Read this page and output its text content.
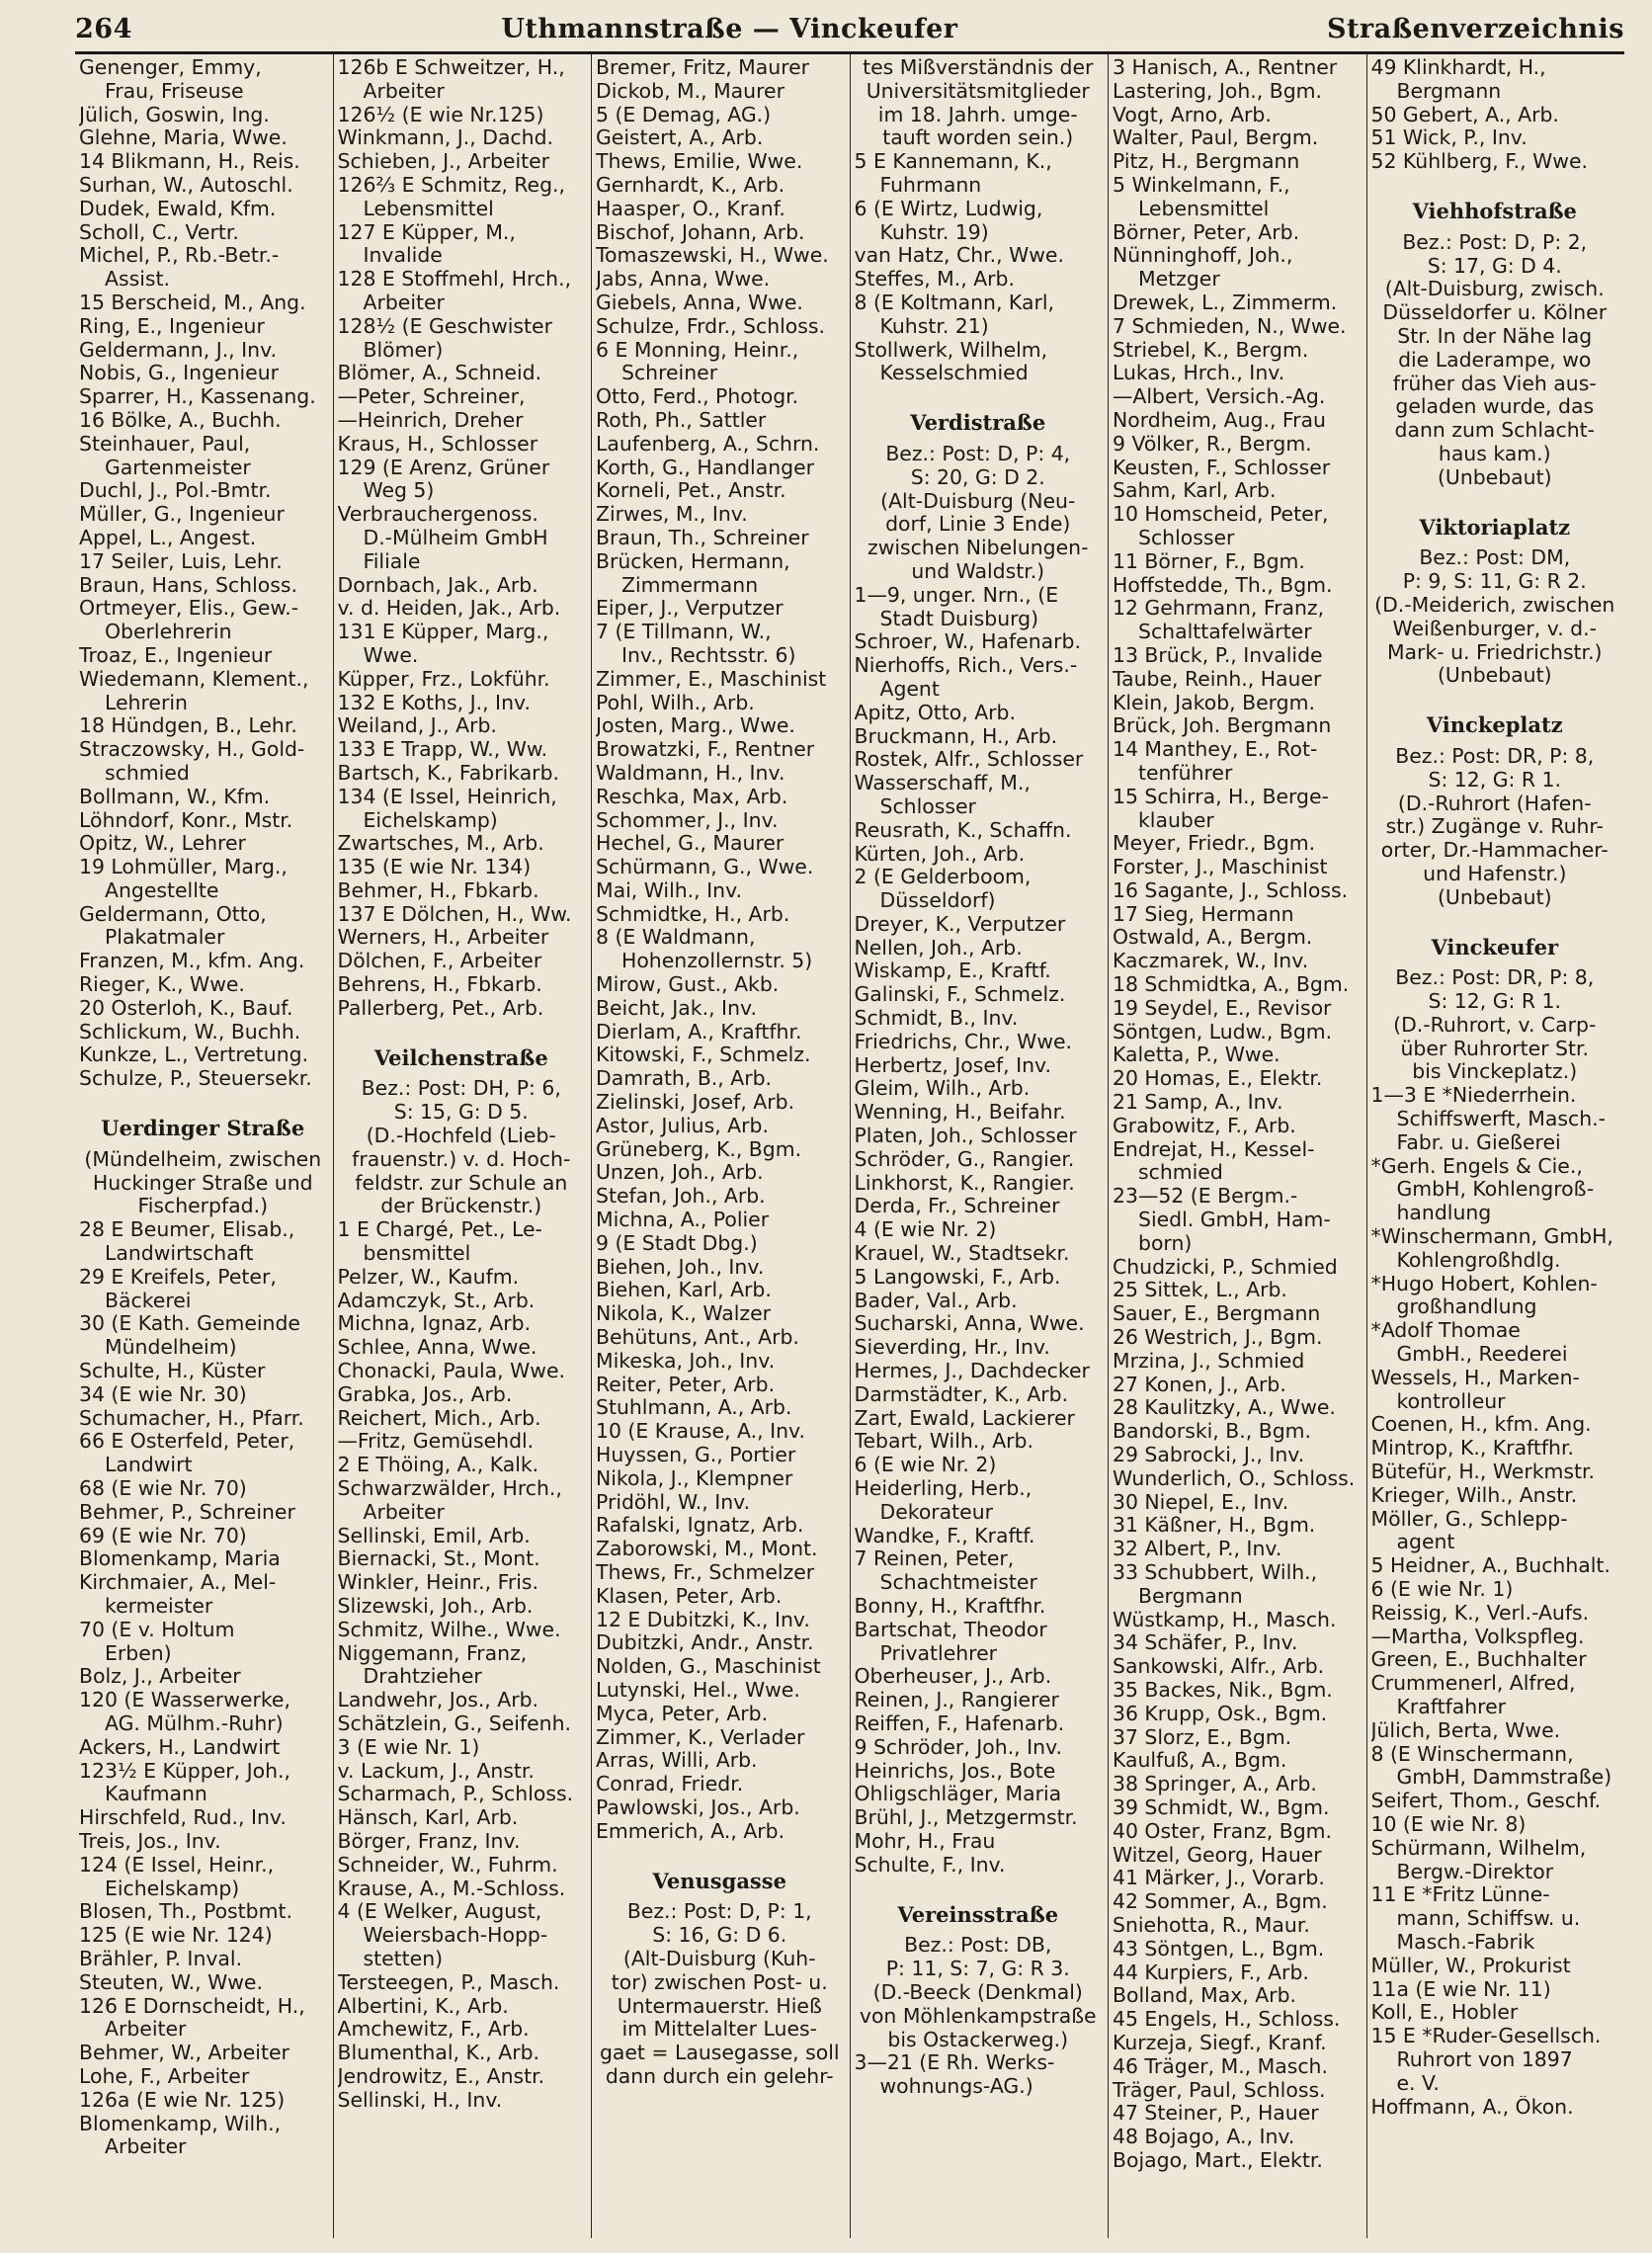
264	Uthmannstraße — Vinckeufer	Straßenverzeichnis
Genenger, Emmy,
Frau, Friseuse
Jülich, Goswin, Ing.
Glehne, Maria, Wwe.
14 Blikmann, H., Reis.
Surhan, W., Autoschl.
Dudek, Ewald, Kfm.
Scholl, C., Vertr.
Michel, P., Rb.-Betr.-
Assist.
15 Berscheid, M., Ang.
Ring, E., Ingenieur
Geldermann, J., Inv.
Nobis, G., Ingenieur
Sparrer, H., Kassenang.
16 Bölke, A., Buchh.
Steinhauer, Paul,
Gartenmeister
Duchl, J., Pol.-Bmtr.
Müller, G., Ingenieur
Appel, L., Angest.
17 Seiler, Luis, Lehr.
Braun, Hans, Schloss.
Ortmeyer, Elis., Gew.-
Oberlehrerin
Troaz, E., Ingenieur
Wiedemann, Klement.,
Lehrerin
18 Hündgen, B., Lehr.
Straczowsky, H., Gold-
schmied
Bollmann, W., Kfm.
Löhndorf, Konr., Mstr.
Opitz, W., Lehrer
19 Lohmüller, Marg.,
Angestellte
Geldermann, Otto,
Plakatmaler
Franzen, M., kfm. Ang.
Rieger, K., Wwe.
20 Osterloh, K., Bauf.
Schlickum, W., Buchh.
Kunkze, L., Vertretung.
Schulze, P., Steuersekr.
Uerdinger Straße
(Mündelheim, zwischen
Huckinger Straße und
Fischerpfad.)
28 E Beumer, Elisab.,
Landwirtschaft
29 E Kreifels, Peter,
Bäckerei
30 (E Kath. Gemeinde
Mündelheim)
Schulte, H., Küster
34 (E wie Nr. 30)
Schumacher, H., Pfarr.
66 E Osterfeld, Peter,
Landwirt
68 (E wie Nr. 70)
Behmer, P., Schreiner
69 (E wie Nr. 70)
Blomenkamp, Maria
Kirchmaier, A., Mel-
kermeister
70 (E v. Holtum
Erben)
Bolz, J., Arbeiter
120 (E Wasserwerke,
AG. Mülhm.-Ruhr)
Ackers, H., Landwirt
123½ E Küpper, Joh.,
Kaufmann
Hirschfeld, Rud., Inv.
Treis, Jos., Inv.
124 (E Issel, Heinr.,
Eichelskamp)
Blosen, Th., Postbmt.
125 (E wie Nr. 124)
Brähler, P. Inval.
Steuten, W., Wwe.
126 E Dornscheidt, H.,
Arbeiter
Behmer, W., Arbeiter
Lohe, F., Arbeiter
126a (E wie Nr. 125)
Blomenkamp, Wilh.,
Arbeiter
126b E Schweitzer, H.,
Arbeiter
126½ (E wie Nr.125)
Winkmann, J., Dachd.
Schieben, J., Arbeiter
126⅔ E Schmitz, Reg.,
Lebensmittel
127 E Küpper, M.,
Invalide
128 E Stoffmehl, Hrch.,
Arbeiter
128½ (E Geschwister
Blömer)
Blömer, A., Schneid.
—Peter, Schreiner,
—Heinrich, Dreher
Kraus, H., Schlosser
129 (E Arenz, Grüner
Weg 5)
Verbrauchergenoss.
D.-Mülheim GmbH
Filiale
Dornbach, Jak., Arb.
v. d. Heiden, Jak., Arb.
131 E Küpper, Marg.,
Wwe.
Küpper, Frz., Lokführ.
132 E Koths, J., Inv.
Weiland, J., Arb.
133 E Trapp, W., Ww.
Bartsch, K., Fabrikarb.
134 (E Issel, Heinrich,
Eichelskamp)
Zwartsches, M., Arb.
135 (E wie Nr. 134)
Behmer, H., Fbkarb.
137 E Dölchen, H., Ww.
Werners, H., Arbeiter
Dölchen, F., Arbeiter
Behrens, H., Fbkarb.
Pallerberg, Pet., Arb.
Veilchenstraße
Bez.: Post: DH, P: 6,
S: 15, G: D 5.
(D.-Hochfeld (Lieb-
frauenstr.) v. d. Hoch-
feldstr. zur Schule an
der Brückenstr.)
1 E Chargé, Pet., Le-
bensmittel
Pelzer, W., Kaufm.
Adamczyk, St., Arb.
Michna, Ignaz, Arb.
Schlee, Anna, Wwe.
Chonacki, Paula, Wwe.
Grabka, Jos., Arb.
Reichert, Mich., Arb.
—Fritz, Gemüsehdl.
2 E Thöing, A., Kalk.
Schwarzwälder, Hrch.,
Arbeiter
Sellinski, Emil, Arb.
Biernacki, St., Mont.
Winkler, Heinr., Fris.
Slizewski, Joh., Arb.
Schmitz, Wilhe., Wwe.
Niggemann, Franz,
Drahtzieher
Landwehr, Jos., Arb.
Schätzlein, G., Seifenh.
3 (E wie Nr. 1)
v. Lackum, J., Anstr.
Scharmach, P., Schloss.
Hänsch, Karl, Arb.
Börger, Franz, Inv.
Schneider, W., Fuhrm.
Krause, A., M.-Schloss.
4 (E Welker, August,
Weiersbach-Hopp-
stetten)
Tersteegen, P., Masch.
Albertini, K., Arb.
Amchewitz, F., Arb.
Blumenthal, K., Arb.
Jendrowitz, E., Anstr.
Sellinski, H., Inv.
Bremer, Fritz, Maurer
Dickob, M., Maurer
5 (E Demag, AG.)
Geistert, A., Arb.
Thews, Emilie, Wwe.
Gernhardt, K., Arb.
Haasper, O., Kranf.
Bischof, Johann, Arb.
Tomaszewski, H., Wwe.
Jabs, Anna, Wwe.
Giebels, Anna, Wwe.
Schulze, Frdr., Schloss.
6 E Monning, Heinr.,
Schreiner
Otto, Ferd., Photogr.
Roth, Ph., Sattler
Laufenberg, A., Schrn.
Korth, G., Handlanger
Korneli, Pet., Anstr.
Zirwes, M., Inv.
Braun, Th., Schreiner
Brücken, Hermann,
Zimmermann
Eiper, J., Verputzer
7 (E Tillmann, W.,
Inv., Rechtsstr. 6)
Zimmer, E., Maschinist
Pohl, Wilh., Arb.
Josten, Marg., Wwe.
Browatzki, F., Rentner
Waldmann, H., Inv.
Reschka, Max, Arb.
Schommer, J., Inv.
Hechel, G., Maurer
Schürmann, G., Wwe.
Mai, Wilh., Inv.
Schmidtke, H., Arb.
8 (E Waldmann,
Hohenzollernstr. 5)
Mirow, Gust., Akb.
Beicht, Jak., Inv.
Dierlam, A., Kraftfhr.
Kitowski, F., Schmelz.
Damrath, B., Arb.
Zielinski, Josef, Arb.
Astor, Julius, Arb.
Grüneberg, K., Bgm.
Unzen, Joh., Arb.
Stefan, Joh., Arb.
Michna, A., Polier
9 (E Stadt Dbg.)
Biehen, Joh., Inv.
Biehen, Karl, Arb.
Nikola, K., Walzer
Behütuns, Ant., Arb.
Mikeska, Joh., Inv.
Reiter, Peter, Arb.
Stuhlmann, A., Arb.
10 (E Krause, A., Inv.
Huyssen, G., Portier
Nikola, J., Klempner
Pridöhl, W., Inv.
Rafalski, Ignatz, Arb.
Zaborowski, M., Mont.
Thews, Fr., Schmelzer
Klasen, Peter, Arb.
12 E Dubitzki, K., Inv.
Dubitzki, Andr., Anstr.
Nolden, G., Maschinist
Lutynski, Hel., Wwe.
Myca, Peter, Arb.
Zimmer, K., Verlader
Arras, Willi, Arb.
Conrad, Friedr.
Pawlowski, Jos., Arb.
Emmerich, A., Arb.
Venusgasse
Bez.: Post: D, P: 1,
S: 16, G: D 6.
(Alt-Duisburg (Kuh-
tor) zwischen Post- u.
Untermauerstr. Hieß
im Mittelalter Lues-
gaet = Lausegasse, soll
dann durch ein gelehr-
tes Mißverständnis der
Universitätsmitglieder
im 18. Jahrh. umge-
tauft worden sein.)
5 E Kannemann, K.,
Fuhrmann
6 (E Wirtz, Ludwig,
Kuhstr. 19)
van Hatz, Chr., Wwe.
Steffes, M., Arb.
8 (E Koltmann, Karl,
Kuhstr. 21)
Stollwerk, Wilhelm,
Kesselschmied
Verdistraße
Bez.: Post: D, P: 4,
S: 20, G: D 2.
(Alt-Duisburg (Neu-
dorf, Linie 3 Ende)
zwischen Nibelungen-
und Waldstr.)
1—9, unger. Nrn., (E
Stadt Duisburg)
Schroer, W., Hafenarb.
Nierhoffs, Rich., Vers.-
Agent
Apitz, Otto, Arb.
Bruckmann, H., Arb.
Rostek, Alfr., Schlosser
Wasserschaff, M.,
Schlosser
Reusrath, K., Schaffn.
Kürten, Joh., Arb.
2 (E Gelderboom,
Düsseldorf)
Dreyer, K., Verputzer
Nellen, Joh., Arb.
Wiskamp, E., Kraftf.
Galinski, F., Schmelz.
Schmidt, B., Inv.
Friedrichs, Chr., Wwe.
Herbertz, Josef, Inv.
Gleim, Wilh., Arb.
Wenning, H., Beifahr.
Platen, Joh., Schlosser
Schröder, G., Rangier.
Linkhorst, K., Rangier.
Derda, Fr., Schreiner
4 (E wie Nr. 2)
Krauel, W., Stadtsekr.
5 Langowski, F., Arb.
Bader, Val., Arb.
Sucharski, Anna, Wwe.
Sieverding, Hr., Inv.
Hermes, J., Dachdecker
Darmstädter, K., Arb.
Zart, Ewald, Lackierer
Tebart, Wilh., Arb.
6 (E wie Nr. 2)
Heiderling, Herb.,
Dekorateur
Wandke, F., Kraftf.
7 Reinen, Peter,
Schachtmeister
Bonny, H., Kraftfhr.
Bartschat, Theodor
Privatlehrer
Oberheuser, J., Arb.
Reinen, J., Rangierer
Reiffen, F., Hafenarb.
9 Schröder, Joh., Inv.
Heinrichs, Jos., Bote
Ohligschläger, Maria
Brühl, J., Metzgermstr.
Mohr, H., Frau
Schulte, F., Inv.
Vereinsstraße
Bez.: Post: DB,
P: 11, S: 7, G: R 3.
(D.-Beeck (Denkmal)
von Möhlenkampstraße
bis Ostackerweg.)
3—21 (E Rh. Werks-
wohnungs-AG.)
3 Hanisch, A., Rentner
Lastering, Joh., Bgm.
Vogt, Arno, Arb.
Walter, Paul, Bergm.
Pitz, H., Bergmann
5 Winkelmann, F.,
Lebensmittel
Börner, Peter, Arb.
Nünninghoff, Joh.,
Metzger
Drewek, L., Zimmerm.
7 Schmieden, N., Wwe.
Striebel, K., Bergm.
Lukas, Hrch., Inv.
—Albert, Versich.-Ag.
Nordheim, Aug., Frau
9 Völker, R., Bergm.
Keusten, F., Schlosser
Sahm, Karl, Arb.
10 Homscheid, Peter,
Schlosser
11 Börner, F., Bgm.
Hoffstedde, Th., Bgm.
12 Gehrmann, Franz,
Schalttafelwärter
13 Brück, P., Invalide
Taube, Reinh., Hauer
Klein, Jakob, Bergm.
Brück, Joh. Bergmann
14 Manthey, E., Rot-
tenführer
15 Schirra, H., Berge-
klauber
Meyer, Friedr., Bgm.
Forster, J., Maschinist
16 Sagante, J., Schloss.
17 Sieg, Hermann
Ostwald, A., Bergm.
Kaczmarek, W., Inv.
18 Schmidtka, A., Bgm.
19 Seydel, E., Revisor
Söntgen, Ludw., Bgm.
Kaletta, P., Wwe.
20 Homas, E., Elektr.
21 Samp, A., Inv.
Grabowitz, F., Arb.
Endrejat, H., Kessel-
schmied
23—52 (E Bergm.-
Siedl. GmbH, Ham-
born)
Chudzicki, P., Schmied
25 Sittek, L., Arb.
Sauer, E., Bergmann
26 Westrich, J., Bgm.
Mrzina, J., Schmied
27 Konen, J., Arb.
28 Kaulitzky, A., Wwe.
Bandorski, B., Bgm.
29 Sabrocki, J., Inv.
Wunderlich, O., Schloss.
30 Niepel, E., Inv.
31 Käßner, H., Bgm.
32 Albert, P., Inv.
33 Schubbert, Wilh.,
Bergmann
Wüstkamp, H., Masch.
34 Schäfer, P., Inv.
Sankowski, Alfr., Arb.
35 Backes, Nik., Bgm.
36 Krupp, Osk., Bgm.
37 Slorz, E., Bgm.
Kaulfuß, A., Bgm.
38 Springer, A., Arb.
39 Schmidt, W., Bgm.
40 Oster, Franz, Bgm.
Witzel, Georg, Hauer
41 Märker, J., Vorarb.
42 Sommer, A., Bgm.
Sniehotta, R., Maur.
43 Söntgen, L., Bgm.
44 Kurpiers, F., Arb.
Bolland, Max, Arb.
45 Engels, H., Schloss.
Kurzeja, Siegf., Kranf.
46 Träger, M., Masch.
Träger, Paul, Schloss.
47 Steiner, P., Hauer
48 Bojago, A., Inv.
Bojago, Mart., Elektr.
49 Klinkhardt, H.,
Bergmann
50 Gebert, A., Arb.
51 Wick, P., Inv.
52 Kühlberg, F., Wwe.
Viehhofstraße
Bez.: Post: D, P: 2,
S: 17, G: D 4.
(Alt-Duisburg, zwisch.
Düsseldorfer u. Kölner
Str. In der Nähe lag
die Laderampe, wo
früher das Vieh aus-
geladen wurde, das
dann zum Schlacht-
haus kam.)
(Unbebaut)
Viktoriaplatz
Bez.: Post: DM,
P: 9, S: 11, G: R 2.
(D.-Meiderich, zwischen
Weißenburger, v. d.-
Mark- u. Friedrichstr.)
(Unbebaut)
Vinckeplatz
Bez.: Post: DR, P: 8,
S: 12, G: R 1.
(D.-Ruhrort (Hafen-
str.) Zugänge v. Ruhr-
orter, Dr.-Hammacher-
und Hafenstr.)
(Unbebaut)
Vinckeufer
Bez.: Post: DR, P: 8,
S: 12, G: R 1.
(D.-Ruhrort, v. Carp-
über Ruhrorter Str.
bis Vinckeplatz.)
1—3 E *Niederrhein.
Schiffswerft, Masch.-
Fabr. u. Gießerei
*Gerh. Engels & Cie.,
GmbH, Kohlengroß-
handlung
*Winschermann, GmbH,
Kohlengroßhdlg.
*Hugo Hobert, Kohlen-
großhandlung
*Adolf Thomae
GmbH., Reederei
Wessels, H., Marken-
kontrolleur
Coenen, H., kfm. Ang.
Mintrop, K., Kraftfhr.
Bütefür, H., Werkmstr.
Krieger, Wilh., Anstr.
Möller, G., Schlepp-
agent
5 Heidner, A., Buchhalt.
6 (E wie Nr. 1)
Reissig, K., Verl.-Aufs.
—Martha, Volkspfleg.
Green, E., Buchhalter
Crummenerl, Alfred,
Kraftfahrer
Jülich, Berta, Wwe.
8 (E Winschermann,
GmbH, Dammstraße)
Seifert, Thom., Geschf.
10 (E wie Nr. 8)
Schürmann, Wilhelm,
Bergw.-Direktor
11 E *Fritz Lünne-
mann, Schiffsw. u.
Masch.-Fabrik
Müller, W., Prokurist
11a (E wie Nr. 11)
Koll, E., Hobler
15 E *Ruder-Gesellsch.
Ruhrort von 1897
e. V.
Hoffmann, A., Ökon.
